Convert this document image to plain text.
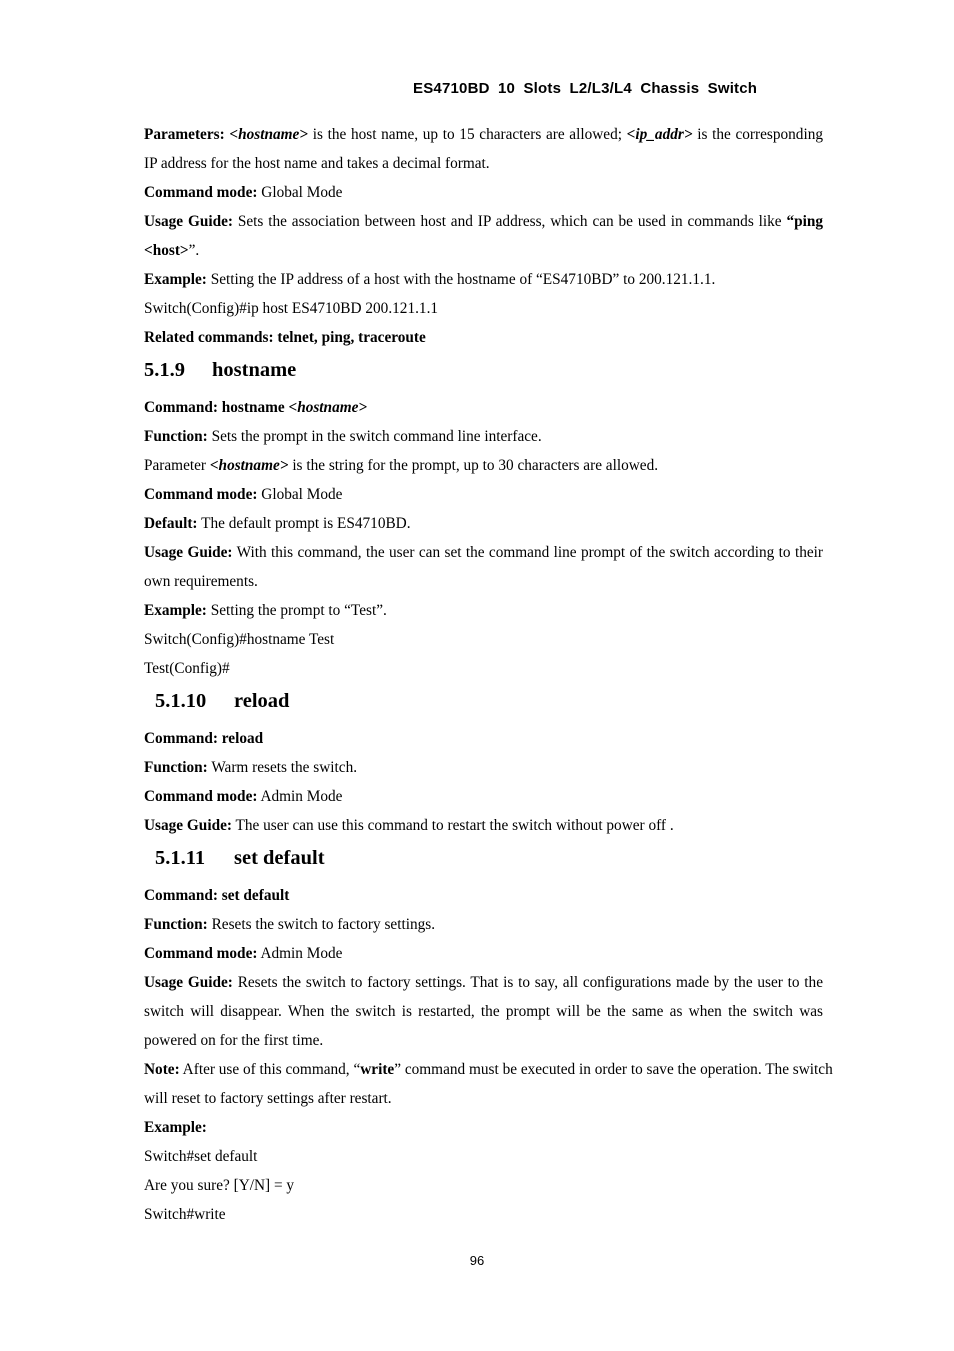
ES4710BD 10 Slots L2/L3/L4 Chassis Switch

Parameters: <hostname> is the host name, up to 15 characters are allowed; <ip_addr> is the corresponding IP address for the host name and takes a decimal format.

Command mode: Global Mode

Usage Guide: Sets the association between host and IP address, which can be used in commands like “ping <host>”.

Example: Setting the IP address of a host with the hostname of “ES4710BD” to 200.121.1.1.

Switch(Config)#ip host ES4710BD 200.121.1.1

Related commands: telnet, ping, traceroute

5.1.9 hostname

Command: hostname <hostname>

Function: Sets the prompt in the switch command line interface.

Parameter <hostname> is the string for the prompt, up to 30 characters are allowed.

Command mode: Global Mode

Default: The default prompt is ES4710BD.

Usage Guide: With this command, the user can set the command line prompt of the switch according to their own requirements.

Example: Setting the prompt to “Test”.

Switch(Config)#hostname Test

Test(Config)#

5.1.10 reload

Command: reload

Function: Warm resets the switch.

Command mode: Admin Mode

Usage Guide: The user can use this command to restart the switch without power off .

5.1.11 set default

Command: set default

Function: Resets the switch to factory settings.

Command mode: Admin Mode

Usage Guide: Resets the switch to factory settings. That is to say, all configurations made by the user to the switch will disappear. When the switch is restarted, the prompt will be the same as when the switch was powered on for the first time.

Note: After use of this command, “write” command must be executed in order to save the operation. The switch will reset to factory settings after restart.

Example:

Switch#set default

Are you sure? [Y/N] = y

Switch#write

96
